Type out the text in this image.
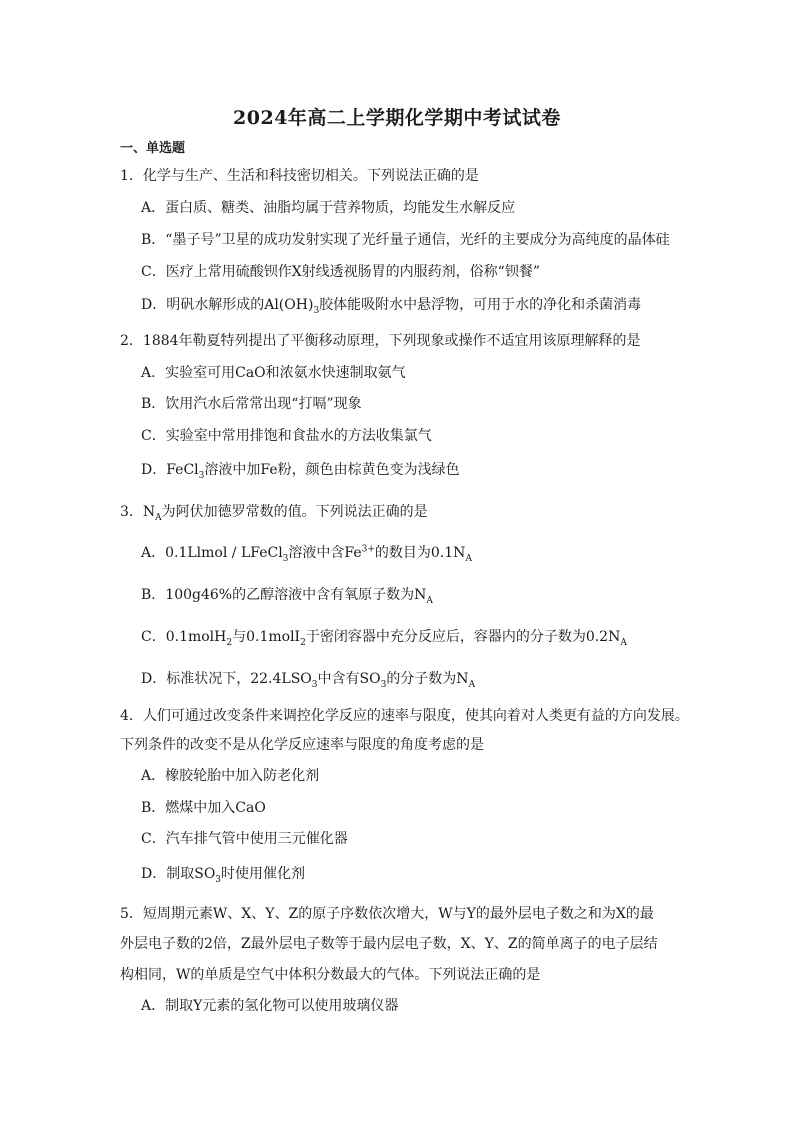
2024年高二上学期化学期中考试试卷
一、单选题
1．化学与生产、生活和科技密切相关。下列说法正确的是
A．蛋白质、糖类、油脂均属于营养物质，均能发生水解反应
B．“墨子号”卫星的成功发射实现了光纤量子通信，光纤的主要成分为高纯度的晶体硅
C．医疗上常用硫酸钡作X射线透视肠胃的内服药剂，俗称“钡餐”
D．明矾水解形成的$Al(OH)_3$胶体能吸附水中悬浮物，可用于水的净化和杀菌消毒
2．1884年勒夏特列提出了平衡移动原理，下列现象或操作不适宜用该原理解释的是
A．实验室可用CaO和浓氨水快速制取氨气
B．饮用汽水后常常出现“打嗝”现象
C．实验室中常用排饱和食盐水的方法收集氯气
D．FeCl$_3$溶液中加Fe粉，颜色由棕黄色变为浅绿色
3．$N_A$为阿伏加德罗常数的值。下列说法正确的是
A．0.1Llmol / LFeCl$_3$溶液中含$Fe^{3+}$的数目为$0.1N_A$
B．100g46%的乙醇溶液中含有氧原子数为$N_A$
C．0.1molH$_2$与0.1molI$_2$于密闭容器中充分反应后，容器内的分子数为$0.2N_A$
D．标准状况下，$22.4LSO_3$中含有$SO_3$的分子数为$N_A$
4．人们可通过改变条件来调控化学反应的速率与限度，使其向着对人类更有益的方向发展。
下列条件的改变不是从化学反应速率与限度的角度考虑的是
A．橡胶轮胎中加入防老化剂
B．燃煤中加入CaO
C．汽车排气管中使用三元催化器
D．制取$SO_3$时使用催化剂
5．短周期元素W、X、Y、Z的原子序数依次增大，W与Y的最外层电子数之和为X的最
外层电子数的2倍，Z最外层电子数等于最内层电子数，X、Y、Z的简单离子的电子层结
构相同，W的单质是空气中体积分数最大的气体。下列说法正确的是
A．制取Y元素的氢化物可以使用玻璃仪器
